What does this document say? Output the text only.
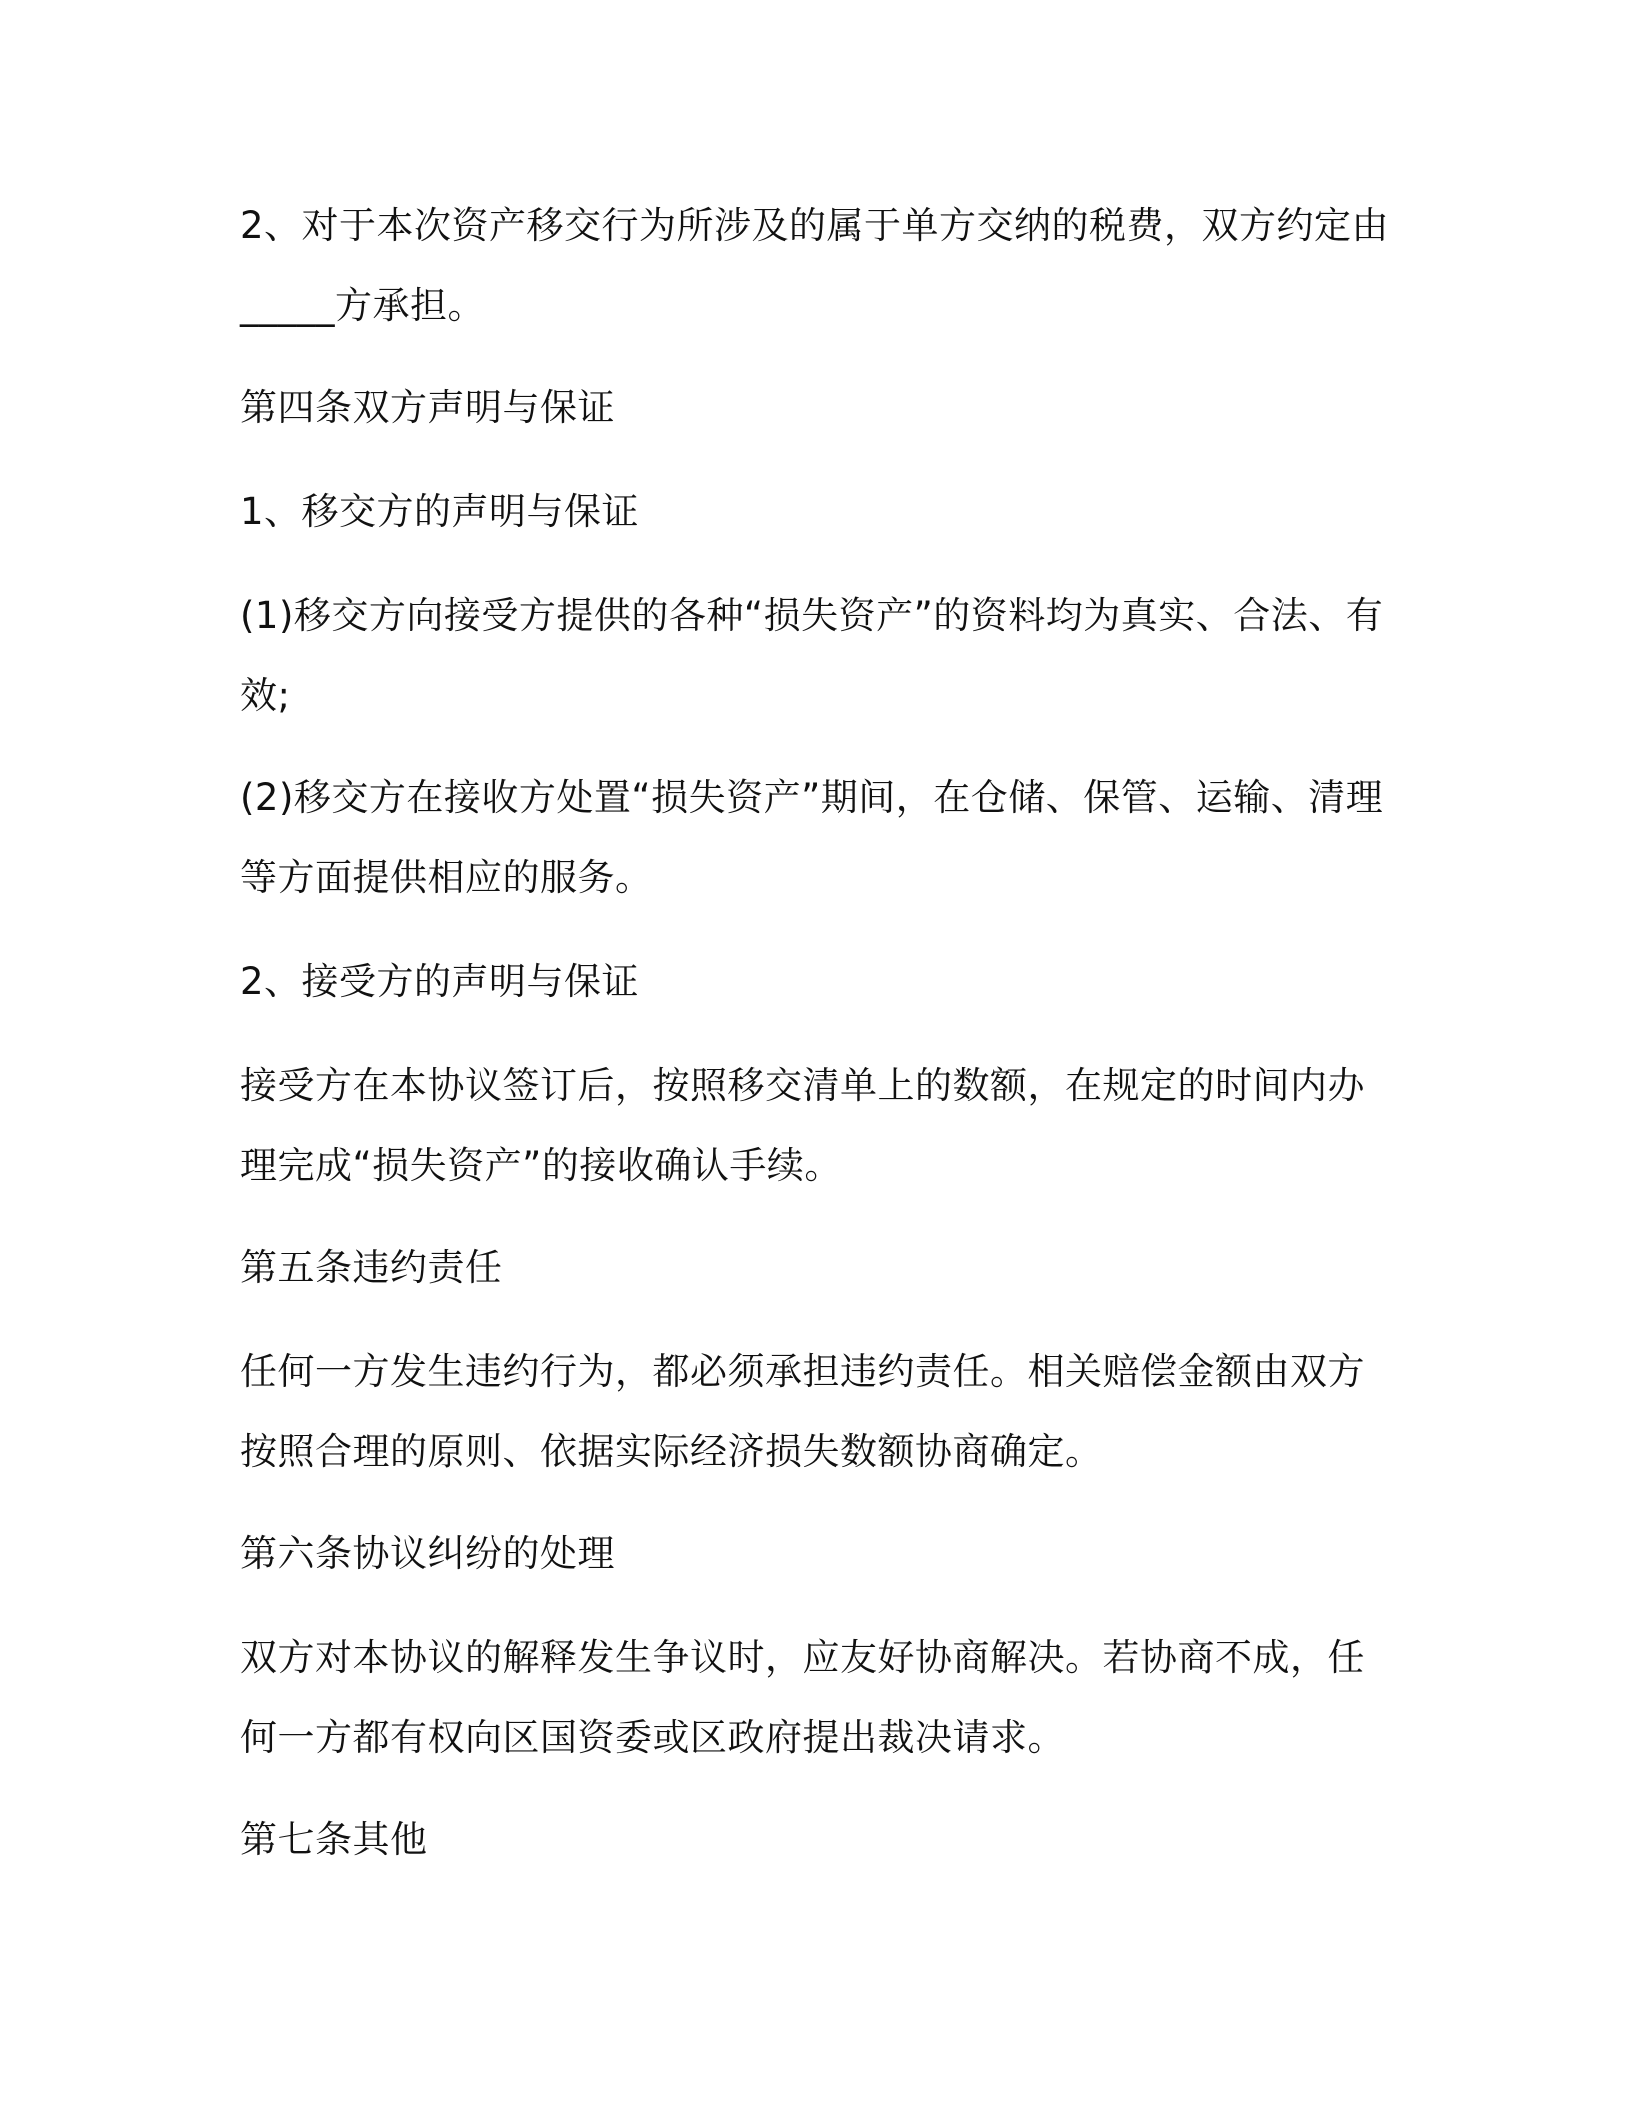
2、对于本次资产移交行为所涉及的属于单方交纳的税费，双方约定由_____方承担。

第四条双方声明与保证

1、移交方的声明与保证

(1)移交方向接受方提供的各种“损失资产”的资料均为真实、合法、有效;

(2)移交方在接收方处置“损失资产”期间，在仓储、保管、运输、清理等方面提供相应的服务。

2、接受方的声明与保证

接受方在本协议签订后，按照移交清单上的数额，在规定的时间内办理完成“损失资产”的接收确认手续。

第五条违约责任

任何一方发生违约行为，都必须承担违约责任。相关赔偿金额由双方按照合理的原则、依据实际经济损失数额协商确定。

第六条协议纠纷的处理

双方对本协议的解释发生争议时，应友好协商解决。若协商不成，任何一方都有权向区国资委或区政府提出裁决请求。

第七条其他
